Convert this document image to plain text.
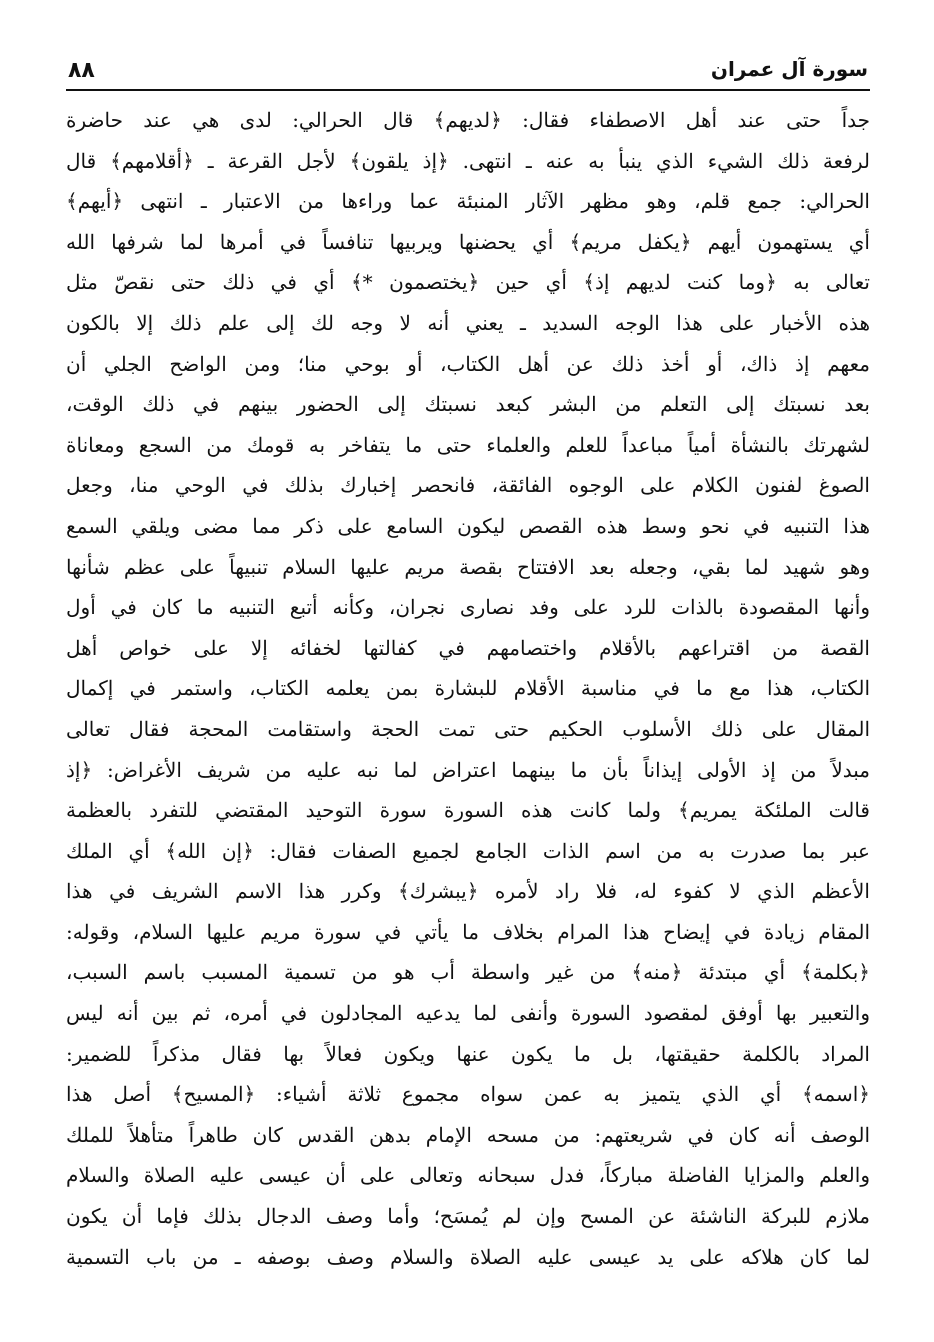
٨٨	سورة آل عمران
جداً حتى عند أهل الاصطفاء فقال: ﴿لديهم﴾ قال الحرالي: لدى هي عند حاضرة
لرفعة ذلك الشيء الذي ينبأ به عنه ـ انتهى. ﴿إذ يلقون﴾ لأجل القرعة ـ ﴿أقلامهم﴾ قال
الحرالي: جمع قلم، وهو مظهر الآثار المنبئة عما وراءها من الاعتبار ـ انتهى ﴿أيهم﴾
أي يستهمون أيهم ﴿يكفل مريم﴾ أي يحضنها ويربيها تنافساً في أمرها لما شرفها الله
تعالى به ﴿وما كنت لديهم إذ﴾ أي حين ﴿يختصمون *﴾ أي في ذلك حتى نقصّ مثل
هذه الأخبار على هذا الوجه السديد ـ يعني أنه لا وجه لك إلى علم ذلك إلا بالكون
معهم إذ ذاك، أو أخذ ذلك عن أهل الكتاب، أو بوحي منا؛ ومن الواضح الجلي أن
بعد نسبتك إلى التعلم من البشر كبعد نسبتك إلى الحضور بينهم في ذلك الوقت،
لشهرتك بالنشأة أمياً مباعداً للعلم والعلماء حتى ما يتفاخر به قومك من السجع ومعاناة
الصوغ لفنون الكلام على الوجوه الفائقة، فانحصر إخبارك بذلك في الوحي منا، وجعل
هذا التنبيه في نحو وسط هذه القصص ليكون السامع على ذكر مما مضى ويلقي السمع
وهو شهيد لما بقي، وجعله بعد الافتتاح بقصة مريم عليها السلام تنبيهاً على عظم شأنها
وأنها المقصودة بالذات للرد على وفد نصارى نجران، وكأنه أتبع التنبيه ما كان في أول
القصة من اقتراعهم بالأقلام واختصامهم في كفالتها لخفائه إلا على خواص أهل
الكتاب، هذا مع ما في مناسبة الأقلام للبشارة بمن يعلمه الكتاب، واستمر في إكمال
المقال على ذلك الأسلوب الحكيم حتى تمت الحجة واستقامت المحجة فقال تعالى
مبدلاً من إذ الأولى إيذاناً بأن ما بينهما اعتراض لما نبه عليه من شريف الأغراض: ﴿إذ
قالت الملئكة يمريم﴾ ولما كانت هذه السورة سورة التوحيد المقتضي للتفرد بالعظمة
عبر بما صدرت به من اسم الذات الجامع لجميع الصفات فقال: ﴿إن الله﴾ أي الملك
الأعظم الذي لا كفوء له، فلا راد لأمره ﴿يبشرك﴾ وكرر هذا الاسم الشريف في هذا
المقام زيادة في إيضاح هذا المرام بخلاف ما يأتي في سورة مريم عليها السلام، وقوله:
﴿بكلمة﴾ أي مبتدئة ﴿منه﴾ من غير واسطة أب هو من تسمية المسبب باسم السبب،
والتعبير بها أوفق لمقصود السورة وأنفى لما يدعيه المجادلون في أمره، ثم بين أنه ليس
المراد بالكلمة حقيقتها، بل ما يكون عنها ويكون فعالاً بها فقال مذكراً للضمير:
﴿اسمه﴾ أي الذي يتميز به عمن سواه مجموع ثلاثة أشياء: ﴿المسيح﴾ أصل هذا
الوصف أنه كان في شريعتهم: من مسحه الإمام بدهن القدس كان طاهراً متأهلاً للملك
والعلم والمزايا الفاضلة مباركاً، فدل سبحانه وتعالى على أن عيسى عليه الصلاة والسلام
ملازم للبركة الناشئة عن المسح وإن لم يُمسَح؛ وأما وصف الدجال بذلك فإما أن يكون
لما كان هلاكه على يد عيسى عليه الصلاة والسلام وصف بوصفه ـ من باب التسمية
